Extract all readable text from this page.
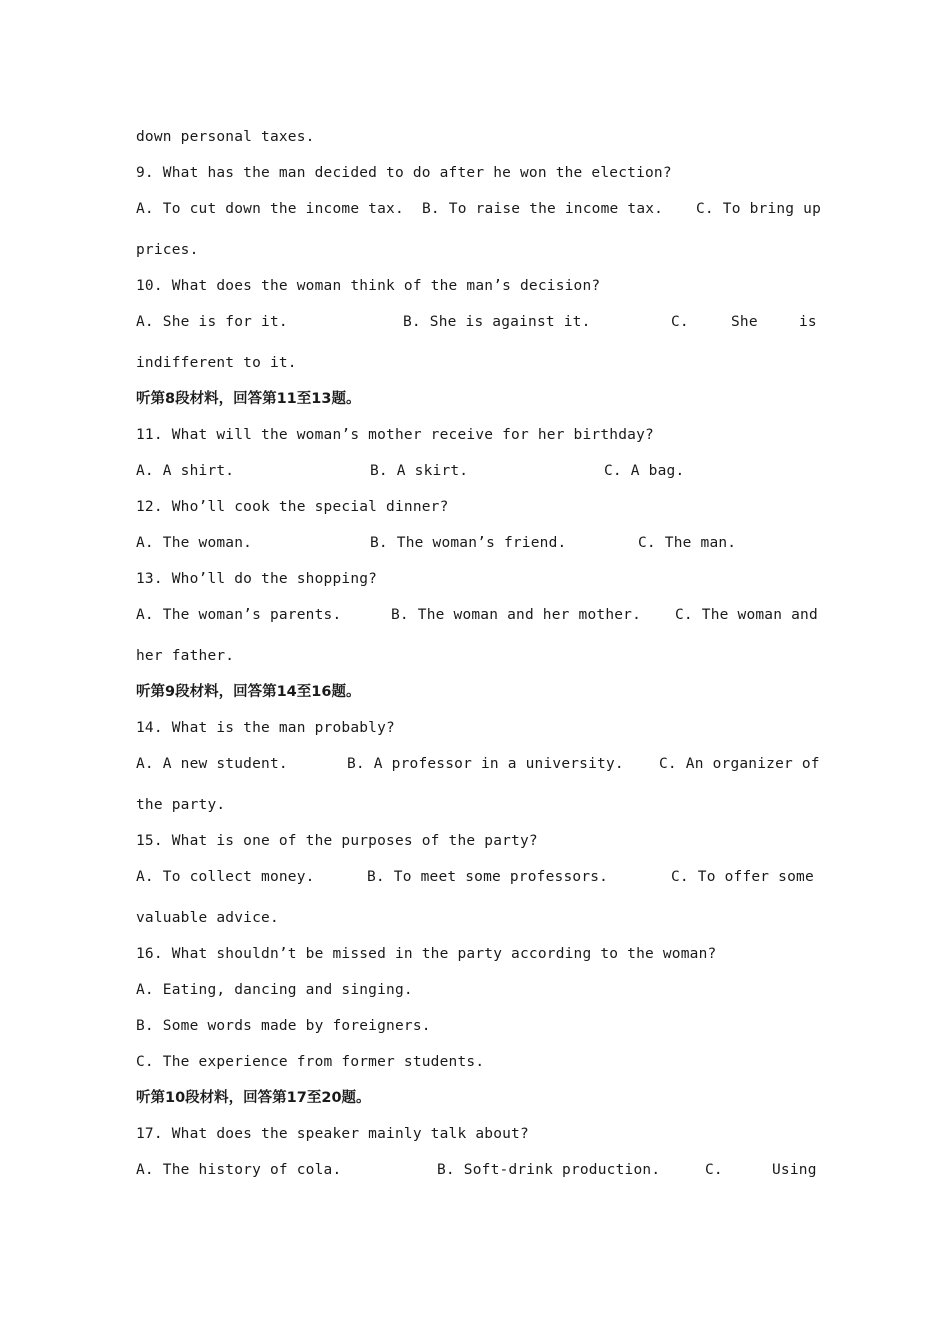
down personal taxes.
9. What has the man decided to do after he won the election?

A. To cut down the income tax.

B. To raise the income tax.

C. To bring up

prices.
10. What does the woman think of the man’s decision?

A. She is for it.

	B. She is against it.

	C.

	She

	is

indifferent to it.
听第8段材料，回答第11至13题。
11. What will the woman’s mother receive for her birthday?

A. A shirt.

	B. A skirt.

	C. A bag.

12. Who’ll cook the special dinner?

A. The woman.

	B. The woman’s friend.

	C. The man.

13. Who’ll do the shopping?

A. The woman’s parents.

	B. The woman and her mother.

C. The woman and

her father.
听第9段材料，回答第14至16题。
14. What is the man probably?

A. A new student.

	B. A professor in a university.

C. An organizer of

the party.
15. What is one of the purposes of the party?

A. To collect money.

	B. To meet some professors.

	C. To offer some

valuable advice.
16. What shouldn’t be missed in the party according to the woman?
A. Eating, dancing and singing.
B. Some words made by foreigners.
C. The experience from former students.
听第10段材料，回答第17至20题。
17. What does the speaker mainly talk about?

A. The history of cola.

	B. Soft-drink production.

	C.

	Using
